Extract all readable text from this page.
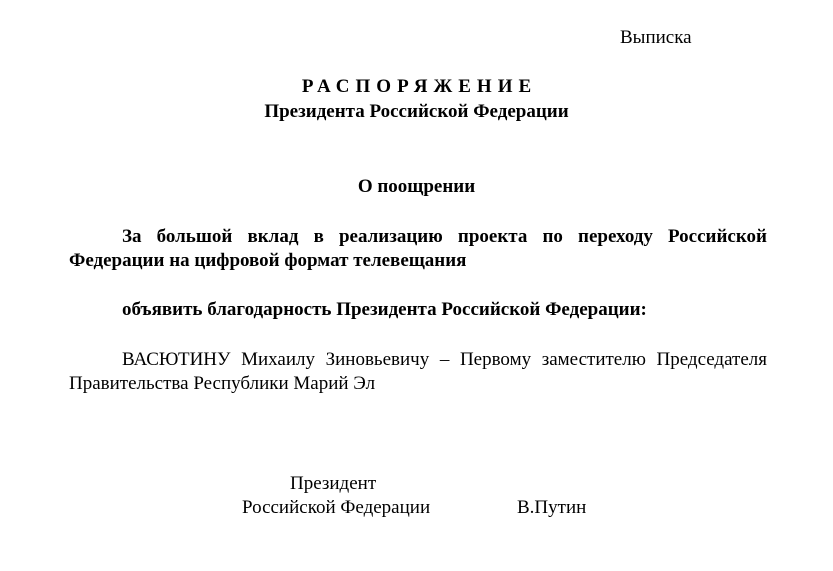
Выписка
РАСПОРЯЖЕНИЕ
Президента Российской Федерации
О поощрении

За большой вклад в реализацию проекта по переходу Российской Федерации на цифровой формат телевещания

объявить благодарность Президента Российской Федерации:

ВАСЮТИНУ Михаилу Зиновьевичу – Первому заместителю Председателя Правительства Республики Марий Эл

Президент
Российской Федерации	В.Путин
